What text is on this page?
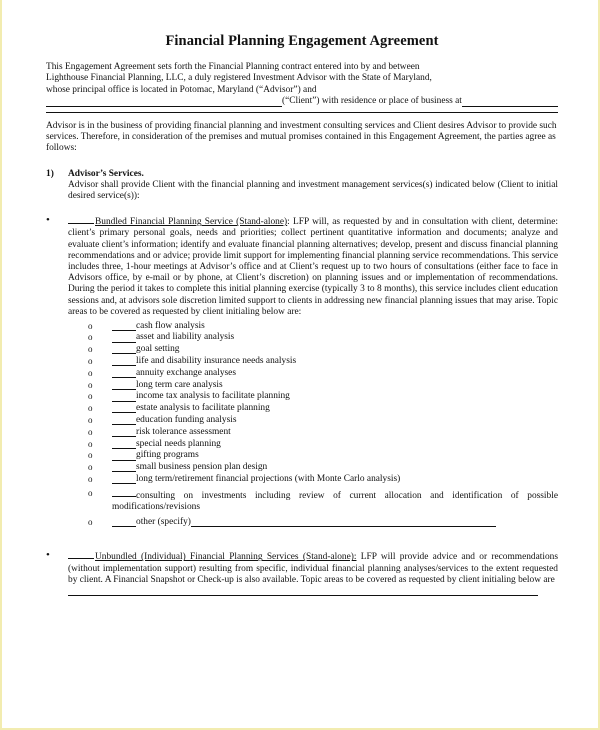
Financial Planning Engagement Agreement

This Engagement Agreement sets forth the Financial Planning contract entered into by and between

Lighthouse Financial Planning, LLC, a duly registered Investment Advisor with the State of Maryland,

whose principal office is located in Potomac, Maryland (“Advisor”) and

(“Client”) with residence or place of business at

Advisor is in the business of providing financial planning and investment consulting services and Client desires Advisor to provide such services. Therefore, in consideration of the premises and mutual promises contained in this Engagement Agreement, the parties agree as follows:

1)	Advisor’s Services.

Advisor shall provide Client with the financial planning and investment management services(s) indicated below (Client to initial desired service(s)):

•	Bundled Financial Planning Service (Stand-alone): LFP will, as requested by and in consultation with client, determine: client’s primary personal goals, needs and priorities; collect pertinent quantitative information and documents; analyze and evaluate client’s information; identify and evaluate financial planning alternatives; develop, present and discuss financial planning recommendations and or advice; provide limit support for implementing financial planning service recommendations. This service includes three, 1-hour meetings at Advisor’s office and at Client’s request up to two hours of consultations (either face to face in Advisors office, by e-mail or by phone, at Client’s discretion) on planning issues and or implementation of recommendations. During the period it takes to complete this initial planning exercise (typically 3 to 8 months), this service includes client education sessions and, at advisors sole discretion limited support to clients in addressing new financial planning issues that may arise. Topic areas to be covered as requested by client initialing below are:

o	cash flow analysis
o	asset and liability analysis
o	goal setting
o	life and disability insurance needs analysis
o	annuity exchange analyses
o	long term care analysis
o	income tax analysis to facilitate planning
o	estate analysis to facilitate planning
o	education funding analysis
o	risk tolerance assessment
o	special needs planning
o	gifting programs
o	small business pension plan design
o	long term/retirement financial projections (with Monte Carlo analysis)
o	consulting on investments including review of current allocation and identification of possible modifications/revisions
o	other (specify)
•	Unbundled (Individual) Financial Planning Services (Stand-alone): LFP will provide advice and or recommendations (without implementation support) resulting from specific, individual financial planning analyses/services to the extent requested by client. A Financial Snapshot or Check-up is also available. Topic areas to be covered as requested by client initialing below are
